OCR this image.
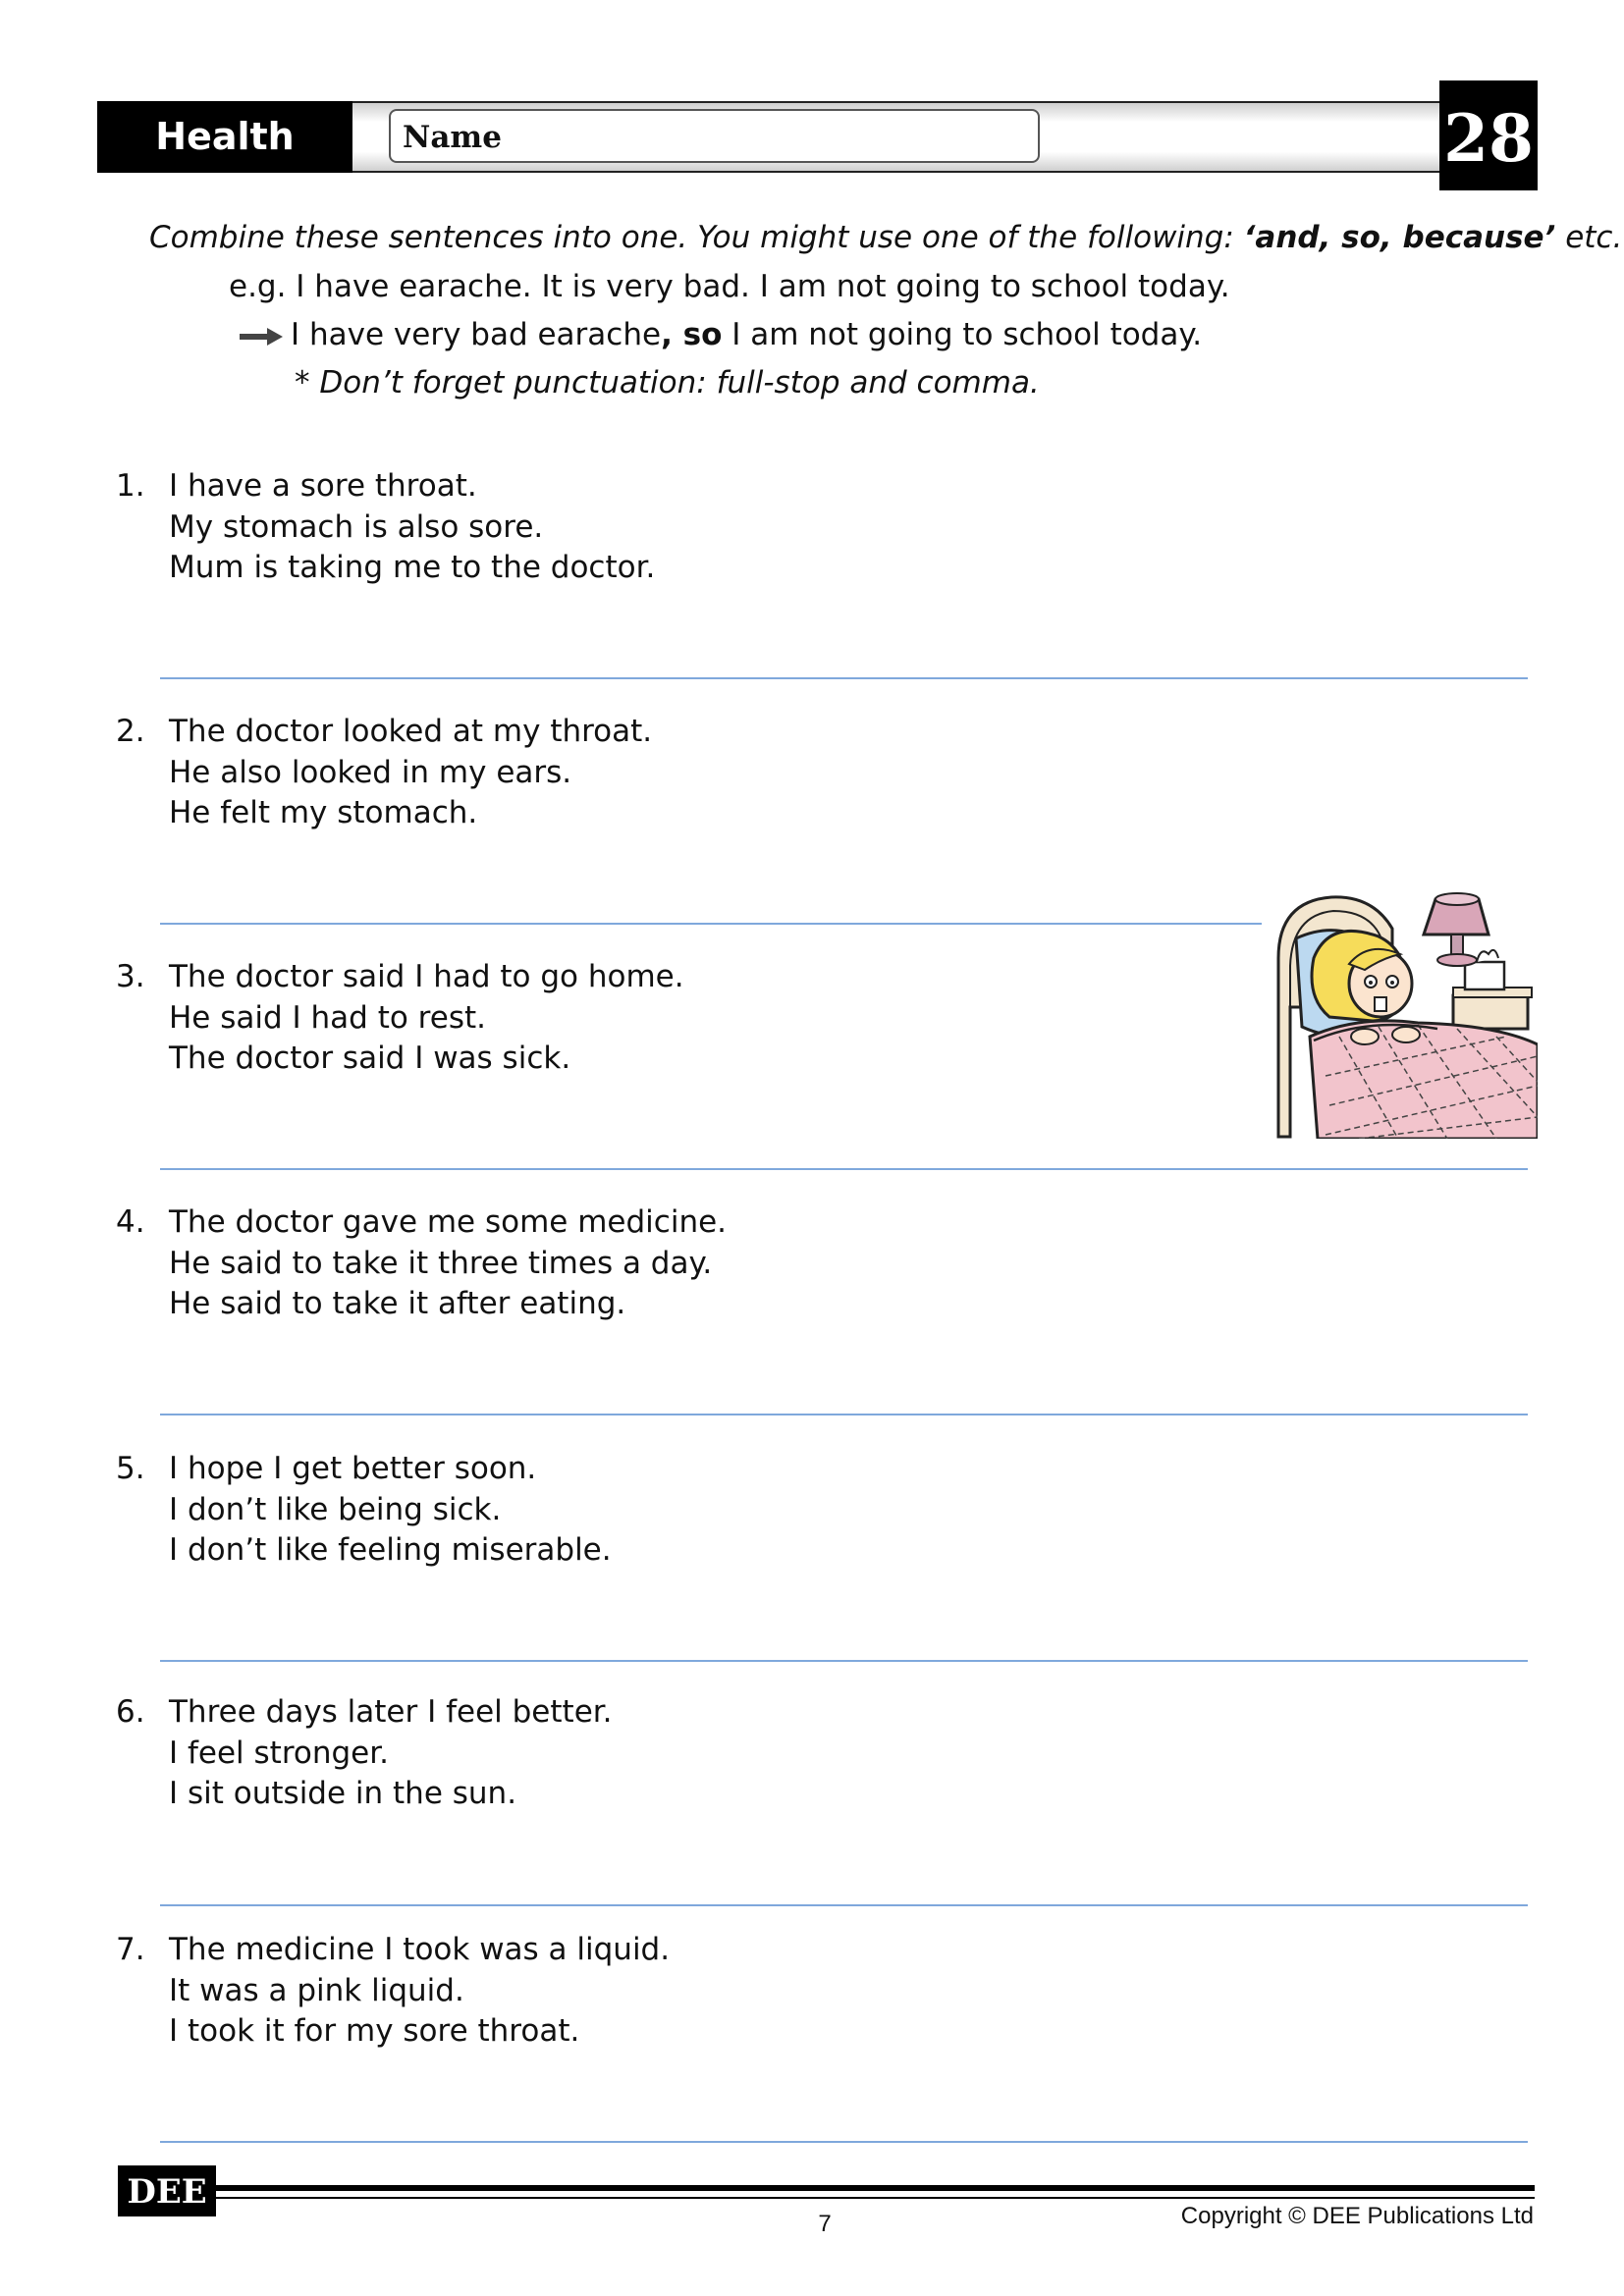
Health	Name	28
Combine these sentences into one. You might use one of the following: ‘and, so, because’ etc.
e.g. I have earache. It is very bad. I am not going to school today.
I have very bad earache, so I am not going to school today.
* Don’t forget punctuation: full-stop and comma.
1. I have a sore throat.
My stomach is also sore.
Mum is taking me to the doctor.
2. The doctor looked at my throat.
He also looked in my ears.
He felt my stomach.
3. The doctor said I had to go home.
He said I had to rest.
The doctor said I was sick.
4. The doctor gave me some medicine.
He said to take it three times a day.
He said to take it after eating.
5. I hope I get better soon.
I don’t like being sick.
I don’t like feeling miserable.
6. Three days later I feel better.
I feel stronger.
I sit outside in the sun.
7. The medicine I took was a liquid.
It was a pink liquid.
I took it for my sore throat.
DEE
7	Copyright © DEE Publications Ltd
